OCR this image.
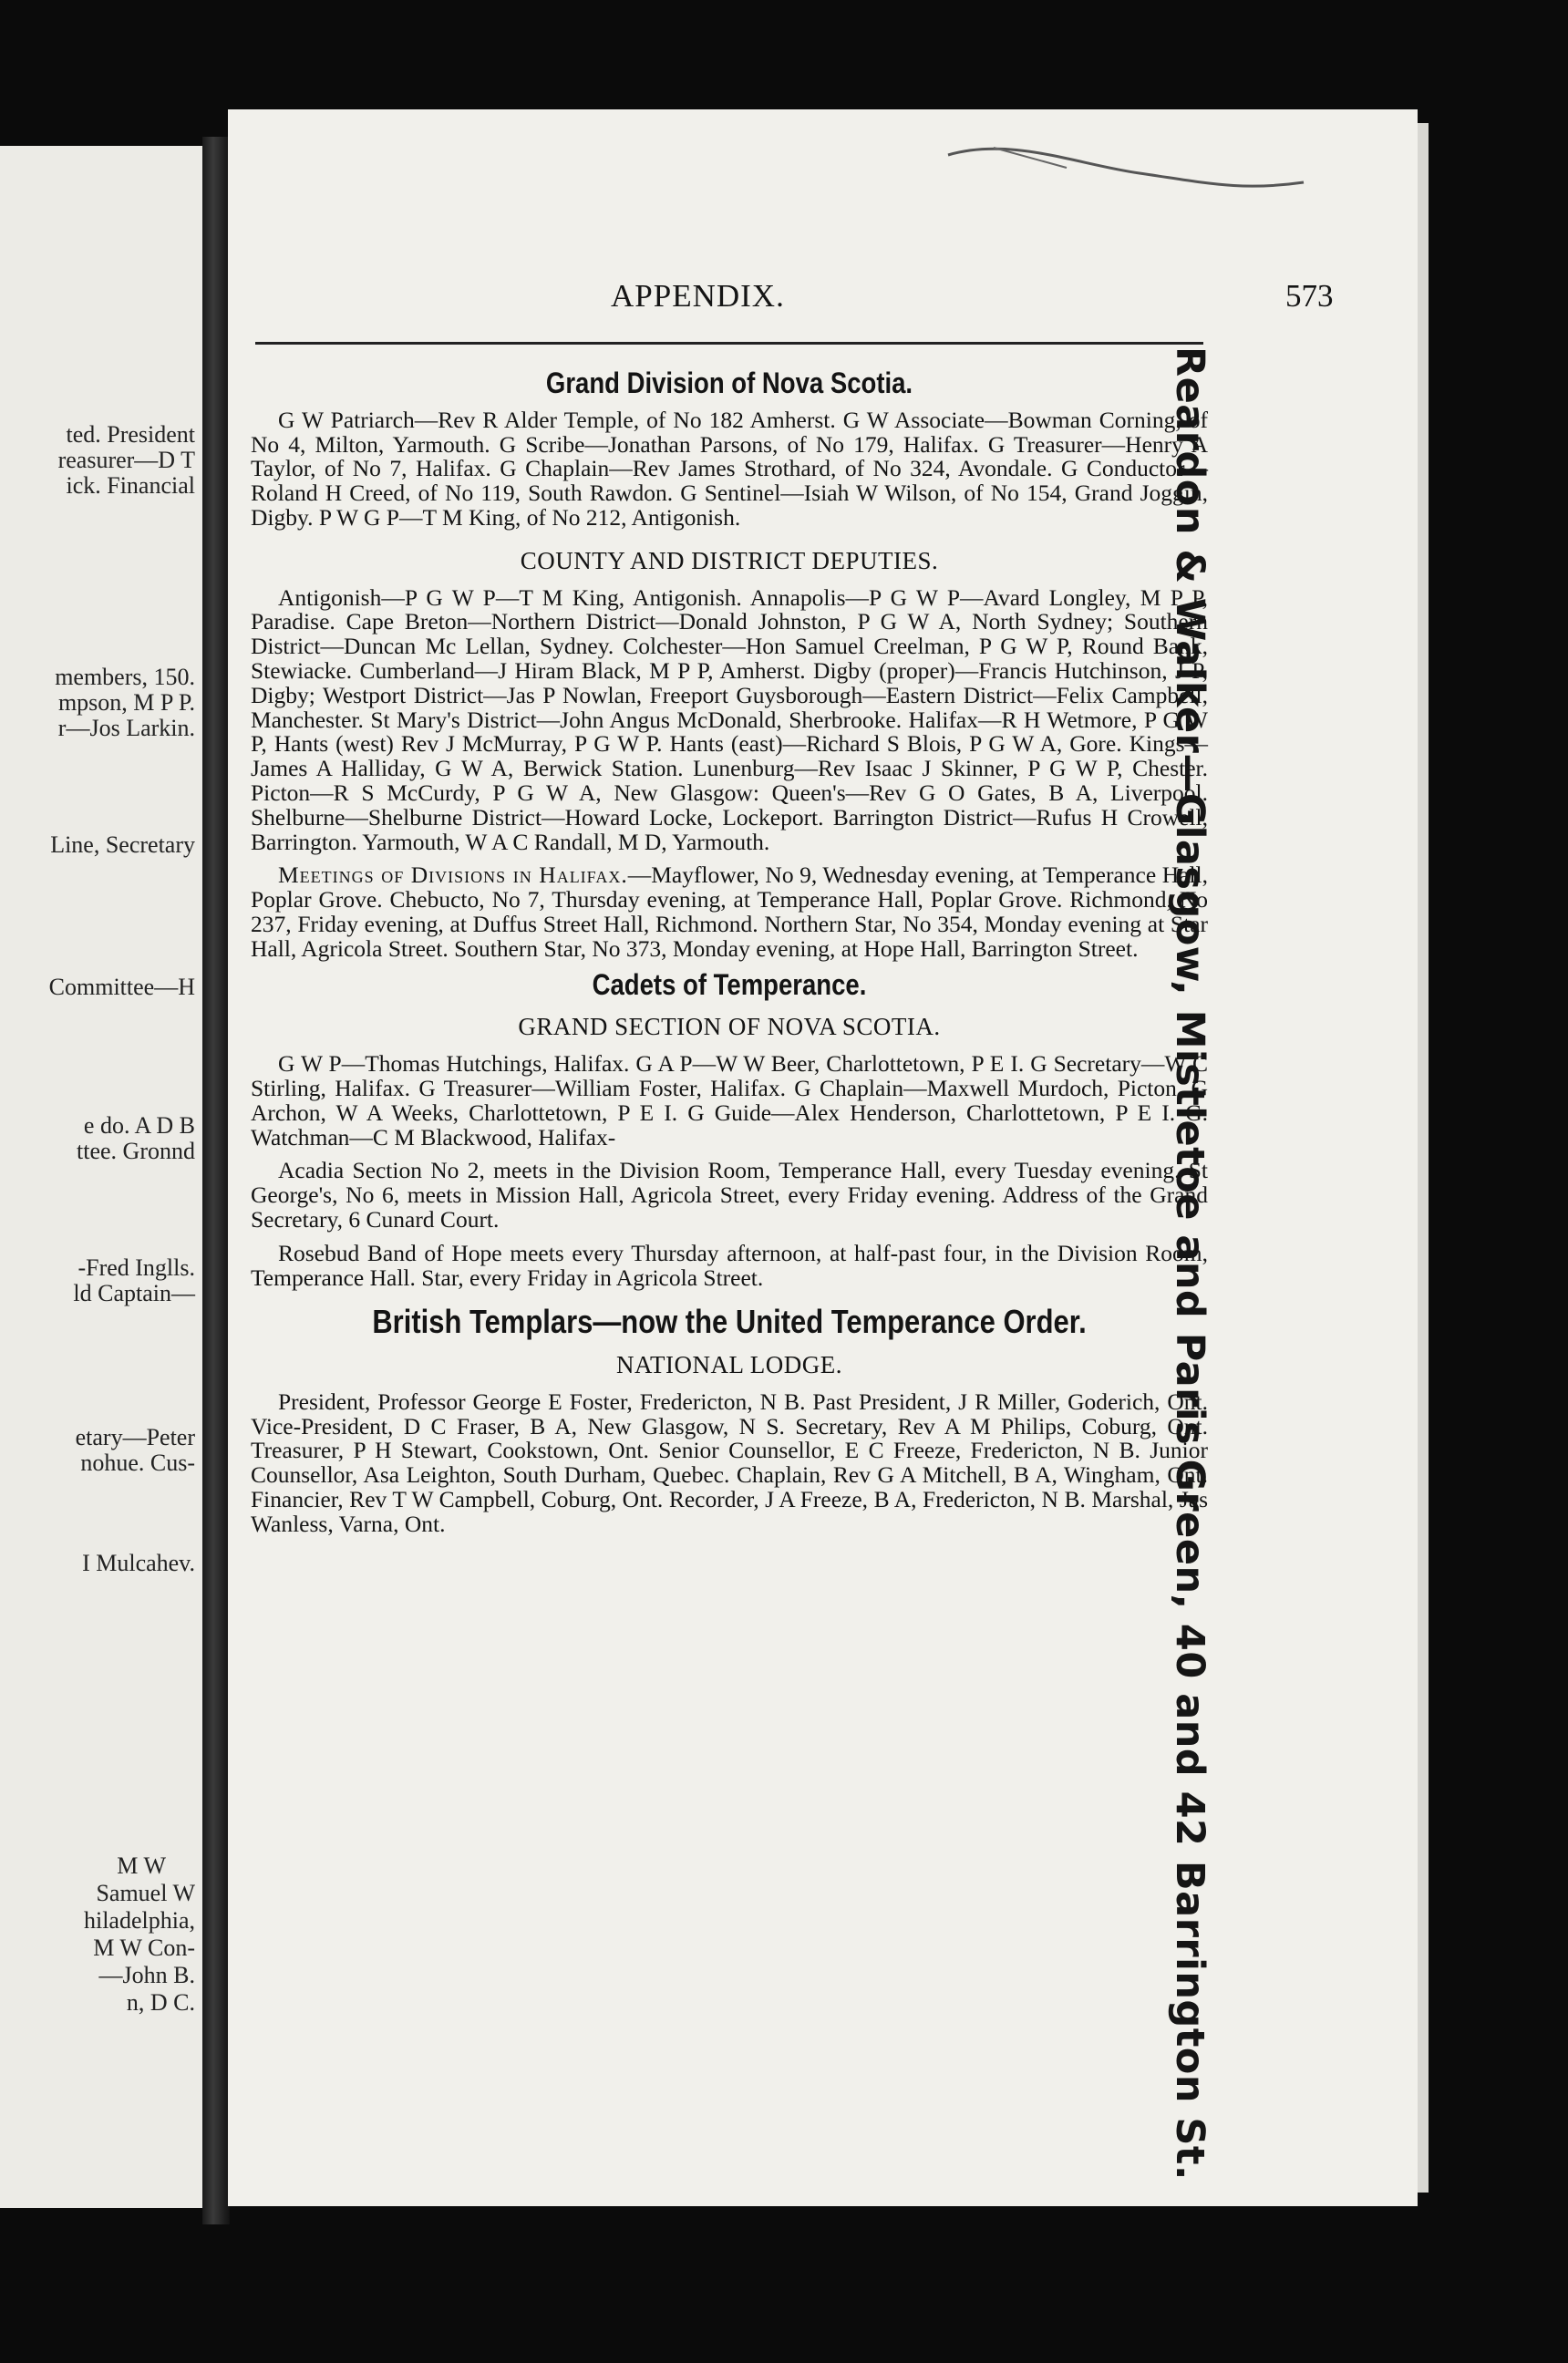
ted. President
reasurer—D T
ick. Financial
members, 150.
mpson, M P P.
r—Jos Larkin.
Line, Secretary
Committee—H
e do. A D B
ttee. Gronnd
-Fred Inglls.
ld Captain—
etary—Peter
nohue. Cus-
I Mulcahev.
M W
Samuel W
hiladelphia,
M W Con-
—John B.
n, D C.
APPENDIX.	573
Grand Division of Nova Scotia.

G W Patriarch—Rev R Alder Temple, of No 182 Amherst. G W Associate—Bowman Corning, of No 4, Milton, Yarmouth. G Scribe—Jonathan Parsons, of No 179, Halifax. G Treasurer—Henry A Taylor, of No 7, Halifax. G Chaplain—Rev James Strothard, of No 324, Avondale. G Conductor—Roland H Creed, of No 119, South Rawdon. G Sentinel—Isiah W Wilson, of No 154, Grand Joggin, Digby. P W G P—T M King, of No 212, Antigonish.

COUNTY AND DISTRICT DEPUTIES.

Antigonish—P G W P—T M King, Antigonish. Annapolis—P G W P—Avard Longley, M P P, Paradise. Cape Breton—Northern District—Donald Johnston, P G W A, North Sydney; Southern District—Duncan Mc Lellan, Sydney. Colchester—Hon Samuel Creelman, P G W P, Round Bank, Stewiacke. Cumberland—J Hiram Black, M P P, Amherst. Digby (proper)—Francis Hutchinson, J P, Digby; Westport District—Jas P Nowlan, Freeport Guysborough—Eastern District—Felix Campbell, Manchester. St Mary's District—John Angus McDonald, Sherbrooke. Halifax—R H Wetmore, P G W P, Hants (west) Rev J McMurray, P G W P. Hants (east)—Richard S Blois, P G W A, Gore. Kings—James A Halliday, G W A, Berwick Station. Lunenburg—Rev Isaac J Skinner, P G W P, Chester. Picton—R S McCurdy, P G W A, New Glasgow: Queen's—Rev G O Gates, B A, Liverpool. Shelburne—Shelburne District—Howard Locke, Lockeport. Barrington District—Rufus H Crowell, Barrington. Yarmouth, W A C Randall, M D, Yarmouth.

Meetings of Divisions in Halifax.—Mayflower, No 9, Wednesday evening, at Temperance Hall, Poplar Grove. Chebucto, No 7, Thursday evening, at Temperance Hall, Poplar Grove. Richmond, No 237, Friday evening, at Duffus Street Hall, Richmond. Northern Star, No 354, Monday evening at Star Hall, Agricola Street. Southern Star, No 373, Monday evening, at Hope Hall, Barrington Street.

Cadets of Temperance.
GRAND SECTION OF NOVA SCOTIA.

G W P—Thomas Hutchings, Halifax. G A P—W W Beer, Charlottetown, P E I. G Secretary—W C Stirling, Halifax. G Treasurer—William Foster, Halifax. G Chaplain—Maxwell Murdoch, Picton. G Archon, W A Weeks, Charlottetown, P E I. G Guide—Alex Henderson, Charlottetown, P E I. G. Watchman—C M Blackwood, Halifax-

Acadia Section No 2, meets in the Division Room, Temperance Hall, every Tuesday evening. St George's, No 6, meets in Mission Hall, Agricola Street, every Friday evening. Address of the Grand Secretary, 6 Cunard Court.

Rosebud Band of Hope meets every Thursday afternoon, at half-past four, in the Division Room, Temperance Hall. Star, every Friday in Agricola Street.

British Templars—now the United Temperance Order.
NATIONAL LODGE.

President, Professor George E Foster, Fredericton, N B. Past President, J R Miller, Goderich, Ont. Vice-President, D C Fraser, B A, New Glasgow, N S. Secretary, Rev A M Philips, Coburg, Ont. Treasurer, P H Stewart, Cookstown, Ont. Senior Counsellor, E C Freeze, Fredericton, N B. Junior Counsellor, Asa Leighton, South Durham, Quebec. Chaplain, Rev G A Mitchell, B A, Wingham, Ont. Financier, Rev T W Campbell, Coburg, Ont. Recorder, J A Freeze, B A, Fredericton, N B. Marshal, Jas Wanless, Varna, Ont.	Reardon & Walker—Glasgow, Mistletoe and Paris Green, 40 and 42 Barrington St.
